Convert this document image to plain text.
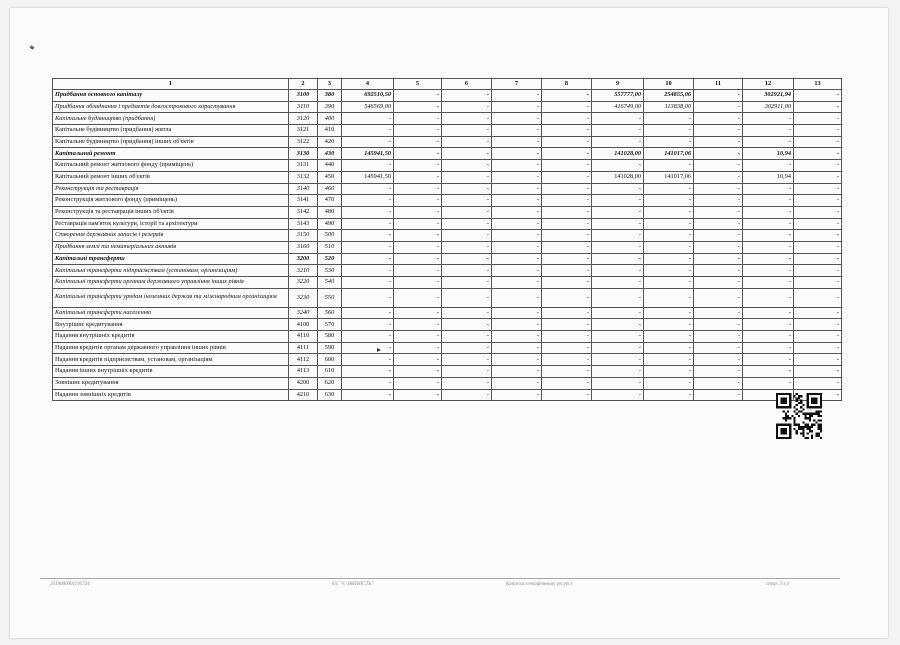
1	2	3	4	5	6	7	8	9	10	11	12	13
Придбання основного капіталу	3100	380	692510,50	-	-	-	-	557777,00	254855,06	-	302921,94	-
Придбання обладнання і предметів довгострокового користування	3110	390	546569,00	-	-	-	-	416749,00	113838,00	-	302911,00	-
Капітальне будівництво (придбання)	3120	400	-	-	-	-	-	-	-	-	-	-
Капітальне будівництво (придбання) житла	3121	410	-	-	-	-	-	-	-	-	-	-
Капітальне будівництво (придбання) інших об'єктів	3122	420	-	-	-	-	-	-	-	-	-	-
Капітальний ремонт	3130	430	145941,50	-	-	-	-	141028,00	141017,06	-	10,94	-
Капітальний ремонт житлового фонду (приміщень)	3131	440	-	-	-	-	-	-	-	-	-	-
Капітальний ремонт інших об'єктів	3132	450	145941,50	-	-	-	-	141028,00	141017,06	-	10,94	-
Реконструкція та реставрація	3140	460	-	-	-	-	-	-	-	-	-	-
Реконструкція житлового фонду (приміщень)	3141	470	-	-	-	-	-	-	-	-	-	-
Реконструкція та реставрація інших об'єктів	3142	480	-	-	-	-	-	-	-	-	-	-
Реставрація пам'яток культури, історії та архітектури	3143	490	-	-	-	-	-	-	-	-	-	-
Створення державних запасів і резервів	3150	500	-	-	-	-	-	-	-	-	-	-
Придбання землі та нематеріальних активів	3160	510	-	-	-	-	-	-	-	-	-	-
Капітальні трансферти	3200	520	-	-	-	-	-	-	-	-	-	-
Капітальні трансферти підприємствам (установам, організаціям)	3210	530	-	-	-	-	-	-	-	-	-	-
Капітальні трансферти органам державного управління інших рівнів	3220	540	-	-	-	-	-	-	-	-	-	-
Капітальні трансферти урядам іноземних держав та міжнародним організаціям	3230	550	-	-	-	-	-	-	-	-	-	-
Капітальні трансферти населенню	3240	560	-	-	-	-	-	-	-	-	-	-
Внутрішнє кредитування	4100	570	-	-	-	-	-	-	-	-	-	-
Надання внутрішніх кредитів	4110	580	-	-	-	-	-	-	-	-	-	-
Надання кредитів органам державного управління інших рівнів	4111	590	-	-	-	-	-	-	-	-	-	-
Надання кредитів підприємствам, установам, організаціям	4112	600	-	-	-	-	-	-	-	-	-	-
Надання інших внутрішніх кредитів	4113	610	-	-	-	-	-	-	-	-	-	-
Зовнішнє кредитування	4200	620	-	-	-	-	-	-	-	-	-	-
Надання зовнішніх кредитів	4210	630	-	-	-	-	-	-	-	-		-
2019000001195724	ЄС "Є-ЗВІТНІСТЬ"	Копія на електронному ресурсі	стор. 3 з 4
